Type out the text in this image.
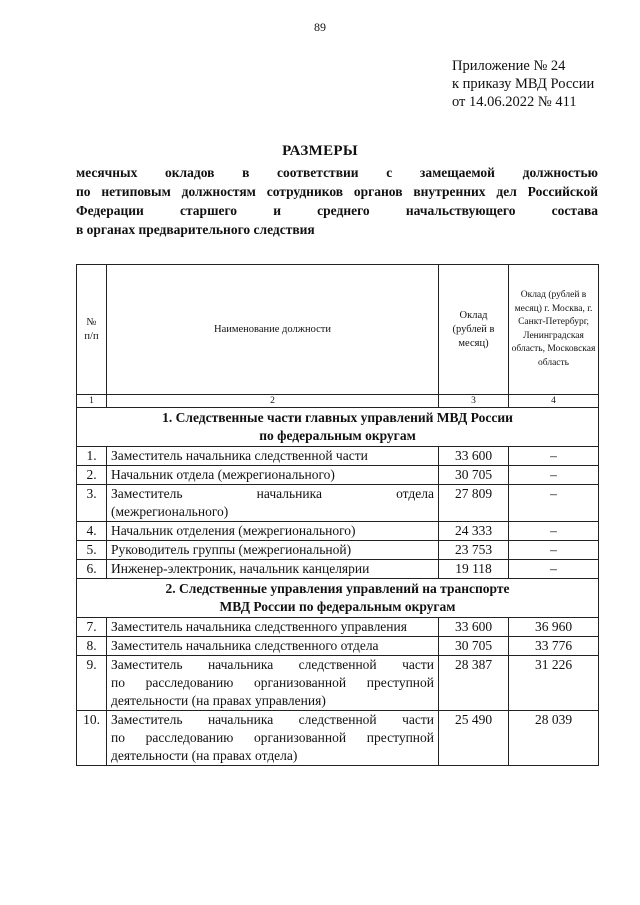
89
Приложение № 24
к приказу МВД России
от 14.06.2022 № 411
РАЗМЕРЫ
месячных окладов в соответствии с замещаемой должностью
по нетиповым должностям сотрудников органов внутренних дел Российской
Федерации старшего и среднего начальствующего состава
в органах предварительного следствия
№ п/п	Наименование должности	Оклад (рублей в месяц)	Оклад (рублей в месяц) г. Москва, г. Санкт-Петербург, Ленинградская область, Московская область
1	2	3	4

1. Следственные части главных управлений МВД России
по федеральным округам			

1.	Заместитель начальника следственной части	33 600	–
2.	Начальник отдела (межрегионального)	30 705	–
3.	Заместитель начальника отдела
(межрегионального)	27 809	–
4.	Начальник отделения (межрегионального)	24 333	–
5.	Руководитель группы (межрегиональной)	23 753	–
6.	Инженер-электроник, начальник канцелярии	19 118	–

2. Следственные управления управлений на транспорте
МВД России по федеральным округам			

7.	Заместитель начальника следственного управления	33 600	36 960
8.	Заместитель начальника следственного отдела	30 705	33 776
9.	Заместитель начальника следственной части
по расследованию организованной преступной
деятельности (на правах управления)	28 387	31 226
10.	Заместитель начальника следственной части
по расследованию организованной преступной
деятельности (на правах отдела)	25 490	28 039
